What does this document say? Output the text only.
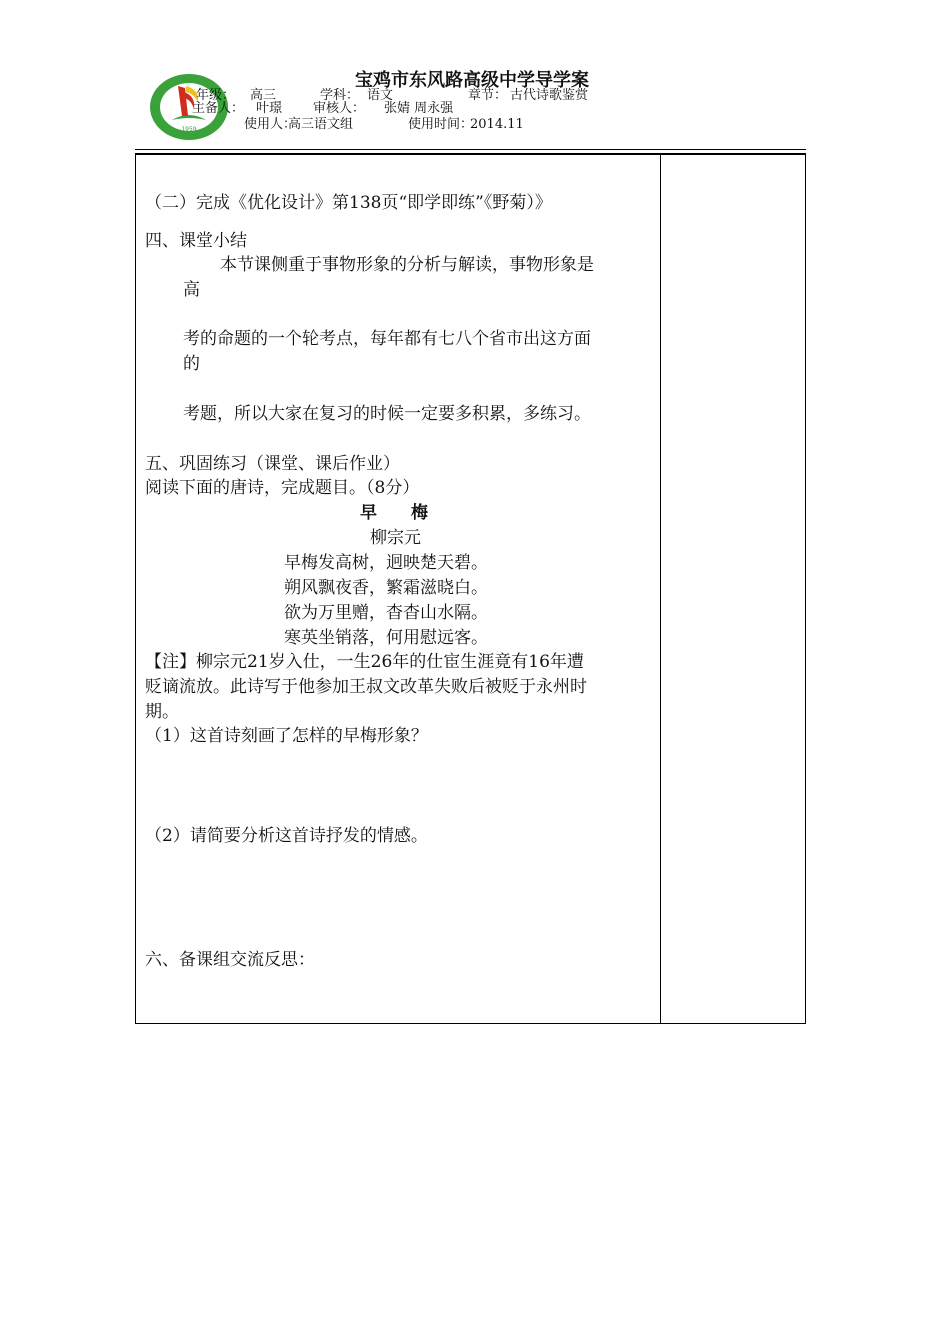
1959
宝鸡市东风路高级中学导学案
年级： 高三	学科： 语文	章节： 古代诗歌鉴赏
主备人： 叶璟 审核人： 张婧 周永强
使用人：
高三语文组	使用时间：
2014.11
（二）完成《优化设计》第138页“即学即练”《野菊）》
四、课堂小结
本节课侧重于事物形象的分析与解读，事物形象是
高
考的命题的一个轮考点，每年都有七八个省市出这方面
的
考题，所以大家在复习的时候一定要多积累，多练习。
五、巩固练习（课堂、课后作业）
阅读下面的唐诗，完成题目。（8分）
早　　梅
柳宗元
早梅发高树，迥映楚天碧。
朔风飘夜香，繁霜滋晓白。
欲为万里赠，杳杳山水隔。
寒英坐销落，何用慰远客。
【注】柳宗元21岁入仕，一生26年的仕宦生涯竟有16年遭
贬谪流放。此诗写于他参加王叔文改革失败后被贬于永州时
期。
（1）这首诗刻画了怎样的早梅形象？
（2）请简要分析这首诗抒发的情感。
六、备课组交流反思：
